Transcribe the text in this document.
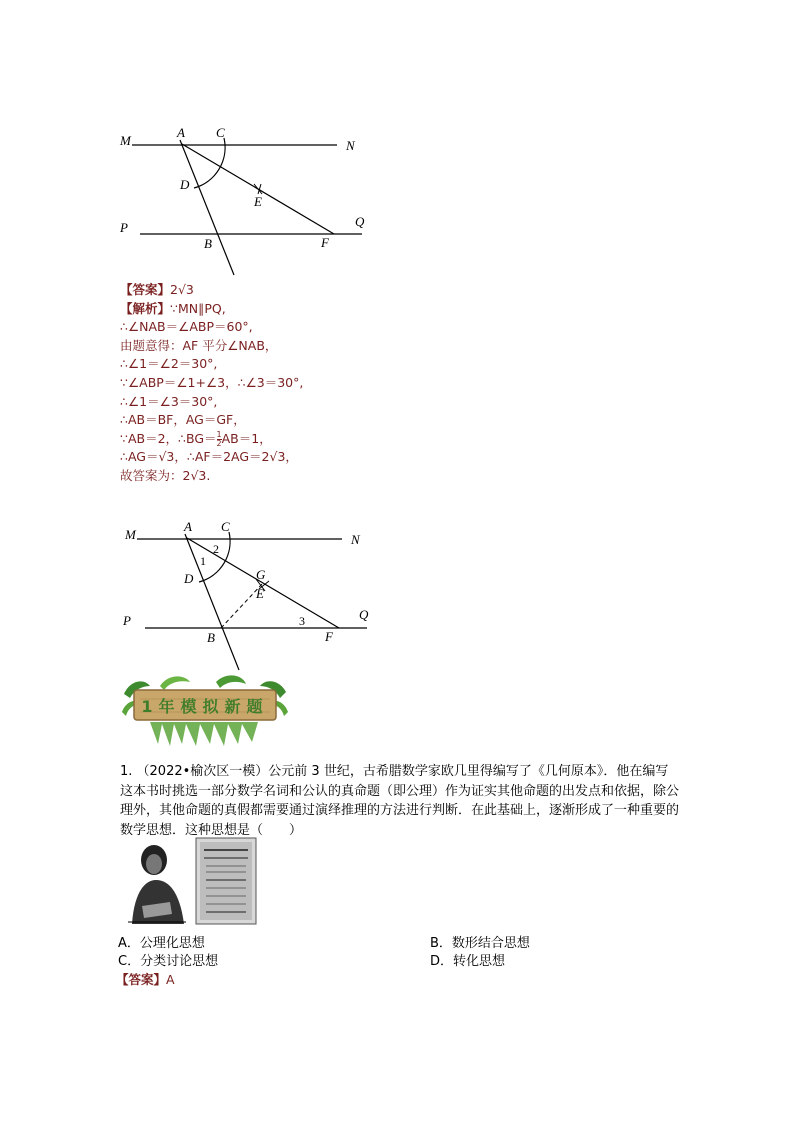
M
A C
N
D
E
P	Q
B	F
【答案】2√3
【解析】∵MN∥PQ,
∴∠NAB＝∠ABP＝60°,
由题意得：AF 平分∠NAB，
∴∠1＝∠2＝30°,
∵∠ABP＝∠1+∠3，∴∠3＝30°,
∴∠1＝∠3＝30°,
∴AB＝BF，AG＝GF，
∵AB＝2，∴BG＝ $\frac{1}{2} AB=1$，
∴AG＝√3，∴AF＝2AG＝2√3，
故答案为：2√3.
M
A C
N
2
1
D	G
E
P	Q
3
B	F
1年模拟新题
1. （2022•榆次区一模）公元前 3 世纪，古希腊数学家欧几里得编写了《几何原本》．他在编写这本书时挑选一部分数学名词和公认的真命题（即公理）作为证实其他命题的出发点和依据，除公理外，其他命题的真假都需要通过演绎推理的方法进行判断．在此基础上，逐渐形成了一种重要的数学思想．这种思想是（　　）
A．公理化思想	B．数形结合思想
C．分类讨论思想	D．转化思想
【答案】A
